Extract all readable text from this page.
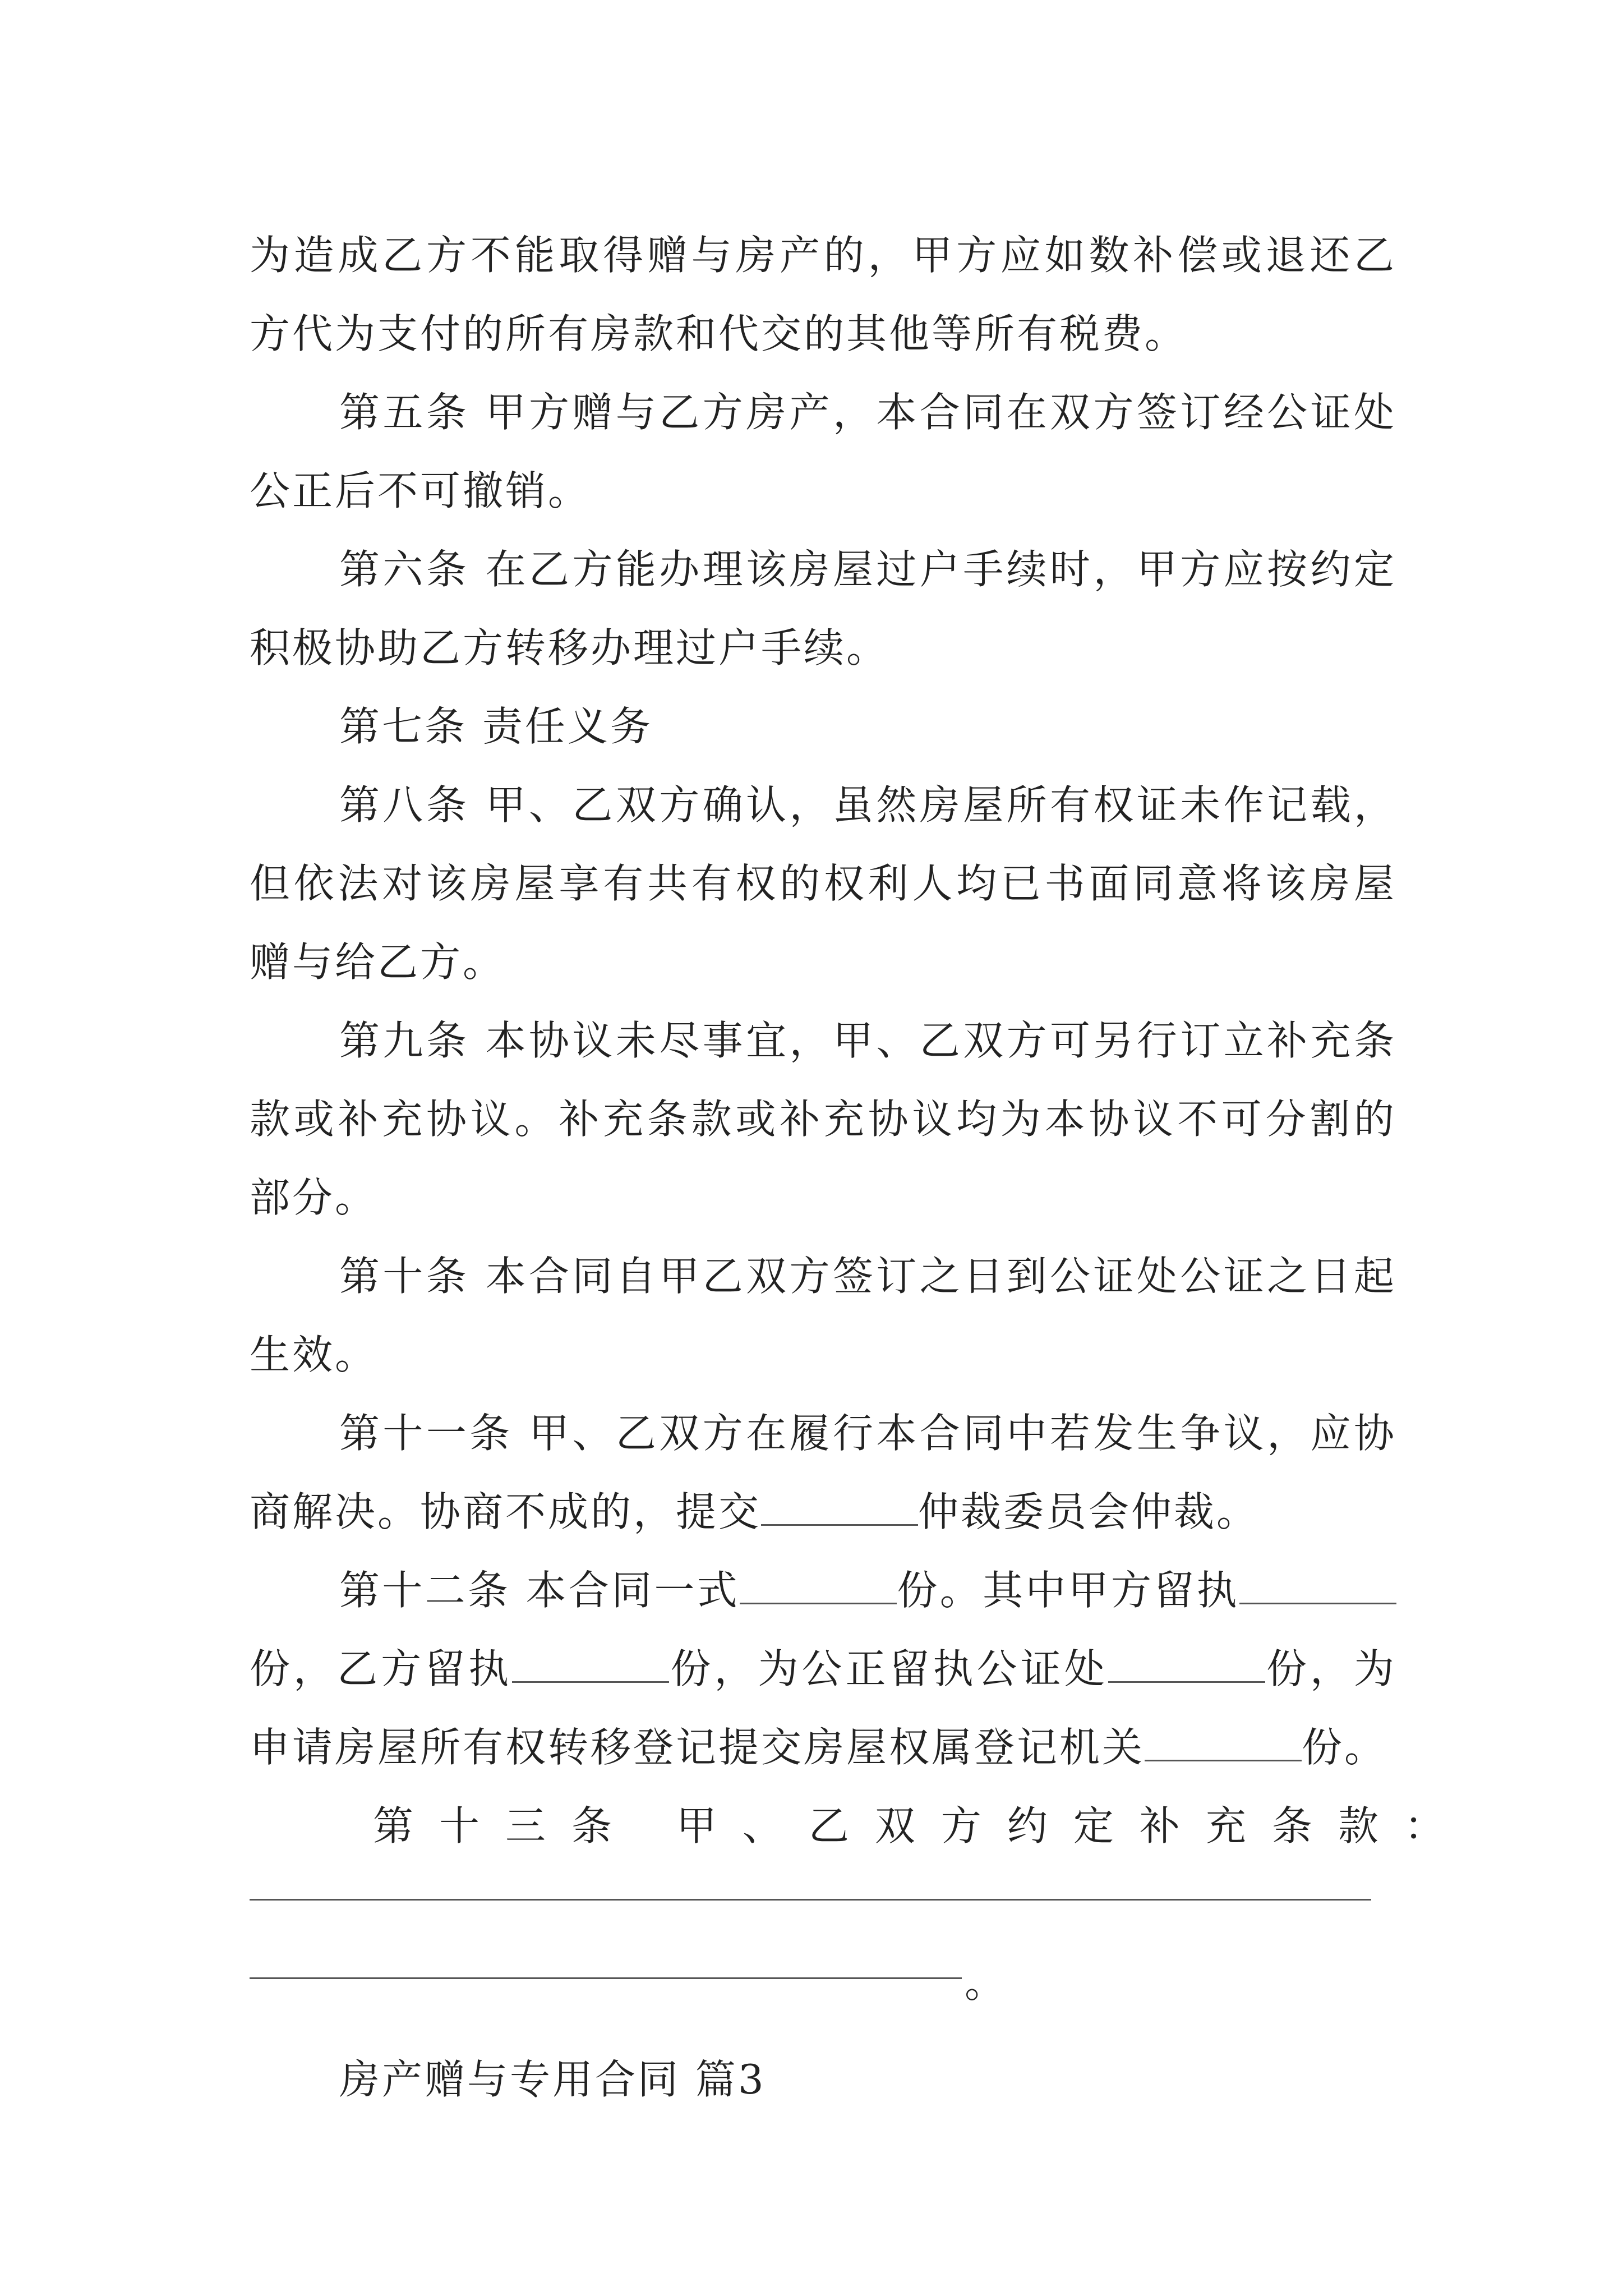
为造成乙方不能取得赠与房产的，甲方应如数补偿或退还乙方代为支付的所有房款和代交的其他等所有税费。

第五条 甲方赠与乙方房产，本合同在双方签订经公证处公正后不可撤销。

第六条 在乙方能办理该房屋过户手续时，甲方应按约定积极协助乙方转移办理过户手续。

第七条 责任义务

第八条 甲、乙双方确认，虽然房屋所有权证未作记载，但依法对该房屋享有共有权的权利人均已书面同意将该房屋赠与给乙方。

第九条 本协议未尽事宜，甲、乙双方可另行订立补充条款或补充协议。补充条款或补充协议均为本协议不可分割的部分。

第十条 本合同自甲乙双方签订之日到公证处公证之日起生效。

第十一条 甲、乙双方在履行本合同中若发生争议，应协商解决。协商不成的，提交	仲裁委员会仲裁。

第十二条 本合同一式	份。其中甲方留执份，乙方留执	份，为公正留执公证处	份，为申请房屋所有权转移登记提交房屋权属登记机关	份。

第十三条 甲、乙双方约定补充条款：

。

房产赠与专用合同 篇3
